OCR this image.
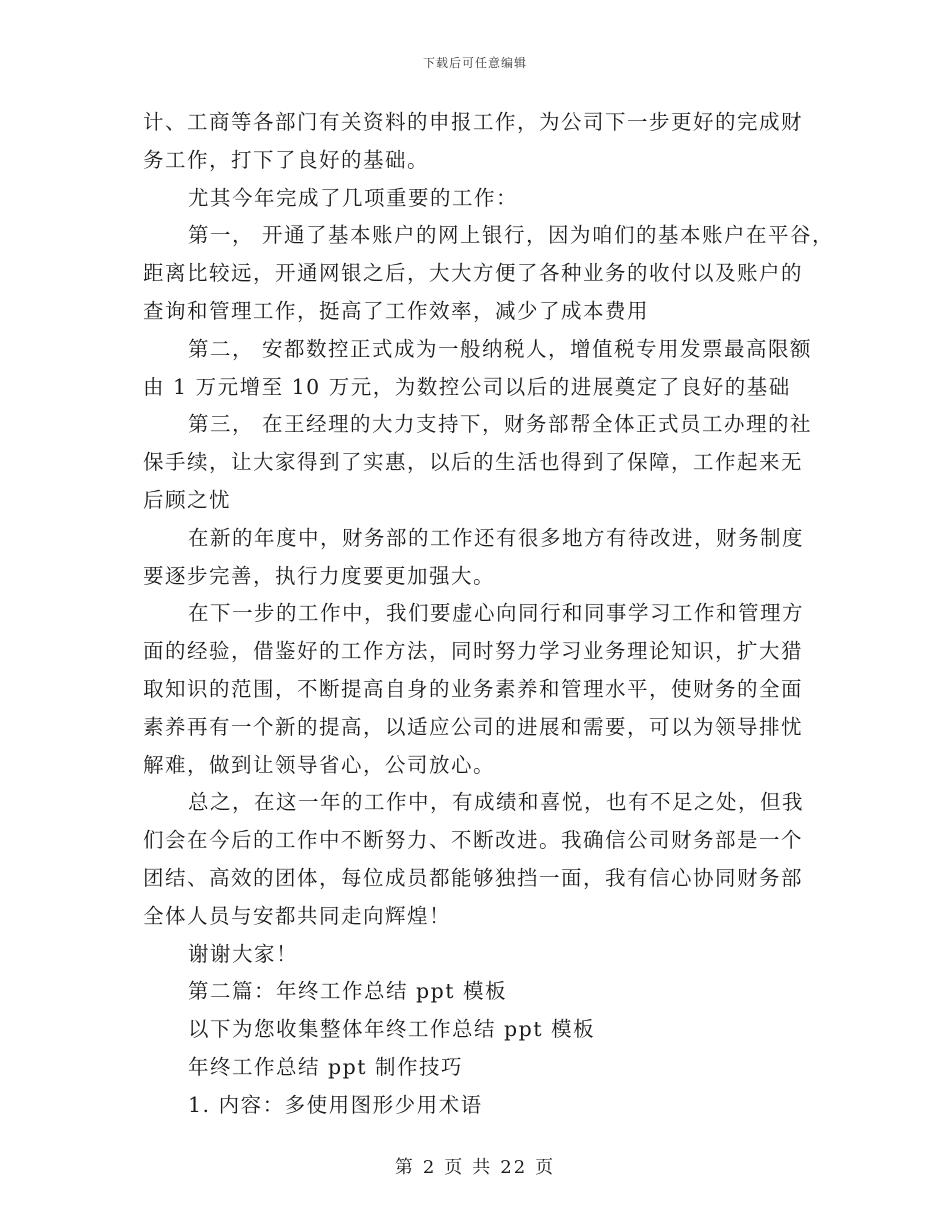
下载后可任意编辑
计、工商等各部门有关资料的申报工作，为公司下一步更好的完成财
务工作，打下了良好的基础。
尤其今年完成了几项重要的工作：
第一， 开通了基本账户的网上银行，因为咱们的基本账户在平谷，
距离比较远，开通网银之后，大大方便了各种业务的收付以及账户的
查询和管理工作，挺高了工作效率，减少了成本费用
第二， 安都数控正式成为一般纳税人，增值税专用发票最高限额
由 1 万元增至 10 万元，为数控公司以后的进展奠定了良好的基础
第三， 在王经理的大力支持下，财务部帮全体正式员工办理的社
保手续，让大家得到了实惠，以后的生活也得到了保障，工作起来无
后顾之忧
在新的年度中，财务部的工作还有很多地方有待改进，财务制度
要逐步完善，执行力度要更加强大。
在下一步的工作中，我们要虚心向同行和同事学习工作和管理方
面的经验，借鉴好的工作方法，同时努力学习业务理论知识，扩大猎
取知识的范围，不断提高自身的业务素养和管理水平，使财务的全面
素养再有一个新的提高，以适应公司的进展和需要，可以为领导排忧
解难，做到让领导省心，公司放心。
总之，在这一年的工作中，有成绩和喜悦，也有不足之处，但我
们会在今后的工作中不断努力、不断改进。我确信公司财务部是一个
团结、高效的团体，每位成员都能够独挡一面，我有信心协同财务部
全体人员与安都共同走向辉煌！
谢谢大家！
第二篇：年终工作总结 ppt 模板
以下为您收集整体年终工作总结 ppt 模板
年终工作总结 ppt 制作技巧
1. 内容：多使用图形少用术语
第 2 页 共 22 页
